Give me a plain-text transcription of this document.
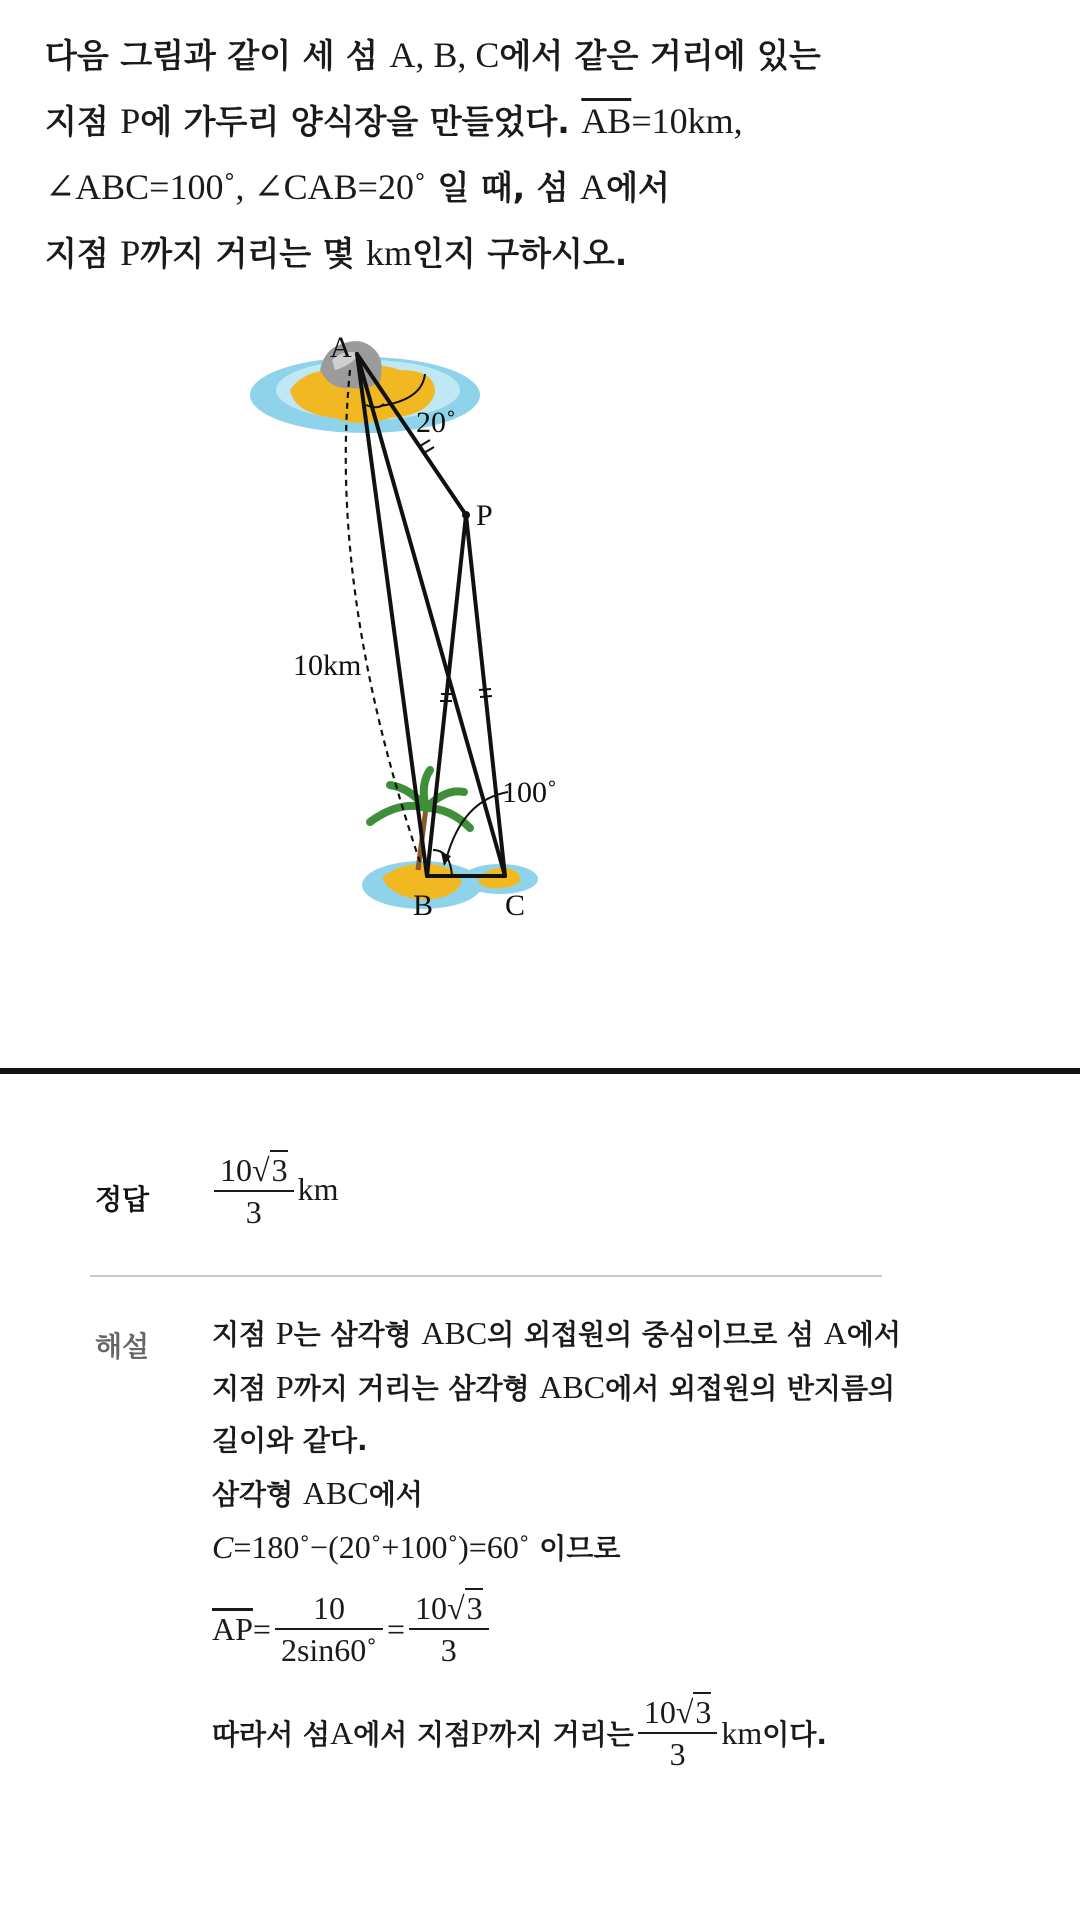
다음 그림과 같이 세 섬 A, B, C에서 같은 거리에 있는
지점 P에 가두리 양식장을 만들었다. $\overline{AB}=10km$,
∠ABC=100˚, ∠CAB=20˚ 일 때, 섬 A에서
지점 P까지 거리는 몇 km인지 구하시오.
A
B C
P
20˚
100˚
10km
정답 $\frac{10√3}{3}$ km
해설 지점 P는 삼각형 ABC의 외접원의 중심이므로 섬 A에서
지점 P까지 거리는 삼각형 ABC에서 외접원의 반지름의
길이와 같다.
삼각형 ABC에서
C=180˚−(20˚+100˚)=60˚ 이므로
$\overline{AP} = \frac{10}{2\sin 60˚} = \frac{10√3}{3}$
따라서 섬 A 에서 지점 P 까지 거리는 $\frac{10√3}{3}$ km 이다.
